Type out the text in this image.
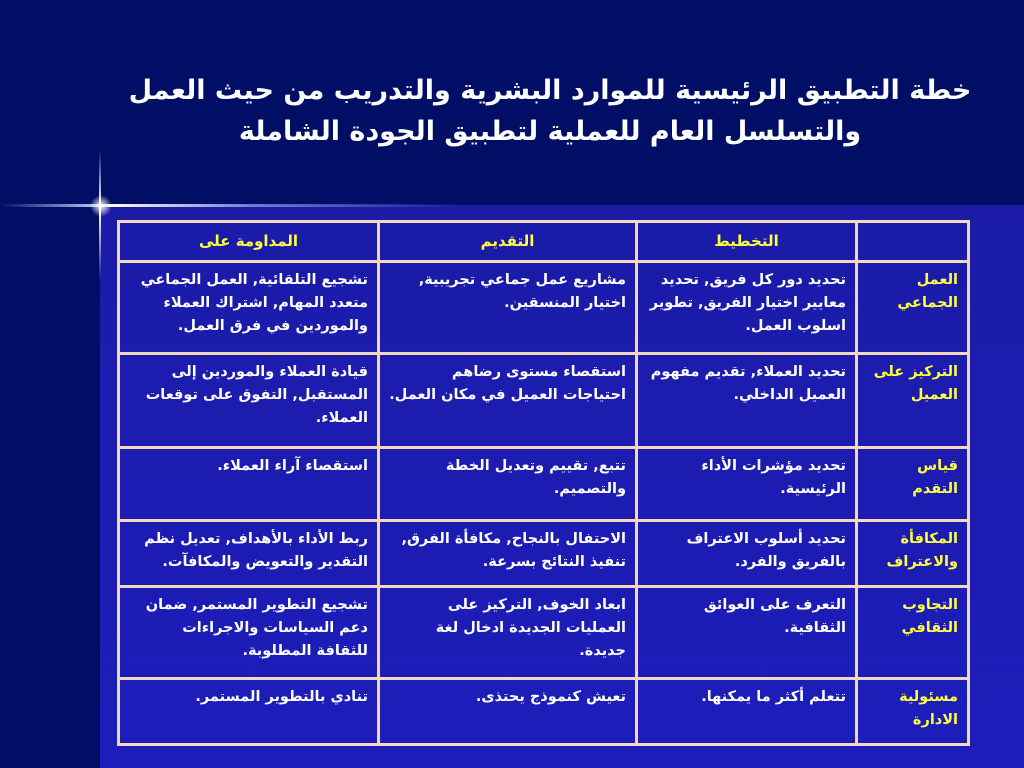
خطة التطبيق الرئيسية للموارد البشرية والتدريب من حيث العمل
والتسلسل العام للعملية لتطبيق الجودة الشاملة
	التخطيط	التقديم	المداومة على
العمل الجماعي	تحديد دور كل فريق, تحديد معايير اختيار الفريق, تطوير اسلوب العمل.	مشاريع عمل جماعي تجريبية, اختيار المنسقين.	تشجيع التلقائية, العمل الجماعي متعدد المهام, اشتراك العملاء والموردين في فرق العمل.
التركيز على العميل	تحديد العملاء, تقديم مفهوم العميل الداخلي.	استقصاء مستوى رضاهم احتياجات العميل في مكان العمل.	قيادة العملاء والموردين إلى المستقبل, التفوق على توقعات العملاء.
قياس التقدم	تحديد مؤشرات الأداء الرئيسية.	تتبع, تقييم وتعديل الخطة والتصميم.	استقصاء آراء العملاء.
المكافأة والاعتراف	تحديد أسلوب الاعتراف بالفريق والفرد.	الاحتفال بالنجاح, مكافأة الفرق, تنفيذ النتائج بسرعة.	ربط الأداء بالأهداف, تعديل نظم التقدير والتعويض والمكافآت.
التجاوب الثقافي	التعرف على العوائق الثقافية.	ابعاد الخوف, التركيز على العمليات الجديدة ادخال لغة جديدة.	تشجيع التطوير المستمر, ضمان دعم السياسات والاجراءات للثقافة المطلوبة.
مسئولية الادارة	تتعلم أكثر ما يمكنها.	تعيش كنموذج يحتذى.	تنادي بالتطوير المستمر.
